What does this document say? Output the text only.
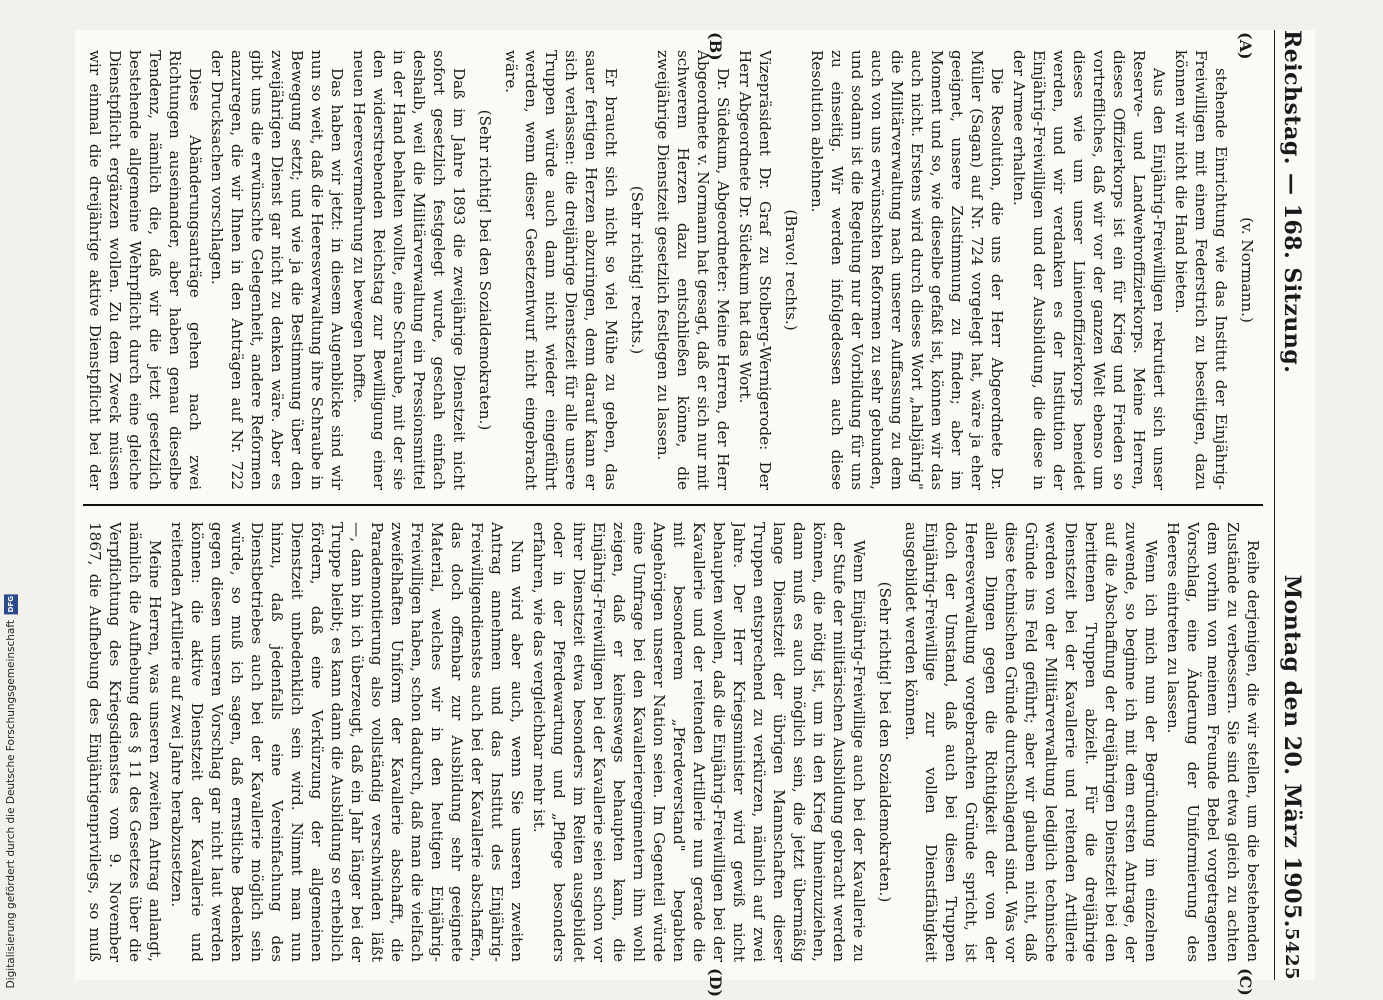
Reichstag. — 168. Sitzung.
Montag den 20. März 1905.
5425
(A)
(B)
(C)
(D)

(v. Normann.)

stehende Einrichtung wie das Institut der Einjährig-Freiwilligen mit einem Federstrich zu beseitigen, dazu können wir nicht die Hand bieten.

Aus den Einjährig-Freiwilligen rekrutiert sich unser Reserve- und Landwehroffizierkorps. Meine Herren, dieses Offizierkorps ist ein für Krieg und Frieden so vortreffliches, daß wir vor der ganzen Welt ebenso um dieses wie um unser Linienoffizierkorps beneidet werden, und wir verdanken es der Institution der Einjährig-Freiwilligen und der Ausbildung, die diese in der Armee erhalten.

Die Resolution, die uns der Herr Abgeordnete Dr. Müller (Sagan) auf Nr. 724 vorgelegt hat, wäre ja eher geeignet, unsere Zustimmung zu finden; aber im Moment und so, wie dieselbe gefaßt ist, können wir das auch nicht. Erstens wird durch dieses Wort „halbjährig" die Militärverwaltung nach unserer Auffassung zu dem auch von uns erwünschten Reformen zu sehr gebunden, und sodann ist die Regelung nur der Vorbildung für uns zu einseitig. Wir werden infolgedessen auch diese Resolution ablehnen.

(Bravo! rechts.)

Vizepräsident Dr. Graf zu Stolberg-Wernigerode: Der Herr Abgeordnete Dr. Südekum hat das Wort.

Dr. Südekum, Abgeordneter: Meine Herren, der Herr Abgeordnete v. Normann hat gesagt, daß er sich nur mit schwerem Herzen dazu entschließen könne, die zweijährige Dienstzeit gesetzlich festlegen zu lassen.

(Sehr richtig! rechts.)

Er braucht sich nicht so viel Mühe zu geben, das sauer fertigen Herzen abzuringen, denn darauf kann er sich verlassen: die dreijährige Dienstzeit für alle unsere Truppen würde auch dann nicht wieder eingeführt werden, wenn dieser Gesetzentwurf nicht eingebracht wäre.

(Sehr richtig! bei den Sozialdemokraten.)

Daß im Jahre 1893 die zweijährige Dienstzeit nicht sofort gesetzlich festgelegt wurde, geschah einfach deshalb, weil die Militärverwaltung ein Pressionsmittel in der Hand behalten wollte, eine Schraube, mit der sie den widerstrebenden Reichstag zur Bewilligung einer neuen Heeresvermehrung zu bewegen hoffte.

Das haben wir jetzt: in diesem Augenblicke sind wir nun so weit, daß die Heeresverwaltung ihre Schraube in Bewegung setzt; und wie ja die Bestimmung über den zweijährigen Dienst gar nicht zu denken wäre. Aber es gibt uns die erwünschte Gelegenheit, andere Reformen anzuregen, die wir Ihnen in den Anträgen auf Nr. 722 der Drucksachen vorschlagen.

Diese Abänderungsanträge gehen nach zwei Richtungen auseinander, aber haben genau dieselbe Tendenz, nämlich die, daß wir die jetzt gesetzlich bestehende allgemeine Wehrpflicht durch eine gleiche Dienstpflicht ergänzen wollen. Zu dem Zweck müssen wir einmal die dreijährige aktive Dienstpflicht bei der

Reihe derjenigen, die wir stellen, um die bestehenden Zustände zu verbessern. Sie sind etwa gleich zu achten dem vorhin von meinem Freunde Bebel vorgetragenen Vorschlag, eine Änderung der Uniformierung des Heeres eintreten zu lassen.

Wenn ich mich nun der Begründung im einzelnen zuwende, so beginne ich mit dem ersten Antrage, der auf die Abschaffung der dreijährigen Dienstzeit bei den berittenen Truppen abzielt. Für die dreijährige Dienstzeit bei der Kavallerie und reitenden Artillerie werden von der Militärverwaltung lediglich technische Gründe ins Feld geführt; aber wir glauben nicht, daß diese technischen Gründe durchschlagend sind. Was vor allen Dingen gegen die Richtigkeit der von der Heeresverwaltung vorgebrachten Gründe spricht, ist doch der Umstand, daß auch bei diesen Truppen Einjährig-Freiwillige zur vollen Dienstfähigkeit ausgebildet werden können.

(Sehr richtig! bei den Sozialdemokraten.)

Wenn Einjährig-Freiwillige auch bei der Kavallerie zu der Stufe der militärischen Ausbildung gebracht werden können, die nötig ist, um in den Krieg hineinzuziehen, dann muß es auch möglich sein, die jetzt übermäßig lange Dienstzeit der übrigen Mannschaften dieser Truppen entsprechend zu verkürzen, nämlich auf zwei Jahre. Der Herr Kriegsminister wird gewiß nicht behaupten wollen, daß die Einjährig-Freiwilligen bei der Kavallerie und der reitenden Artillerie nun gerade die mit besonderem „Pferdeverstand" begabten Angehörigen unserer Nation seien. Im Gegenteil würde eine Umfrage bei den Kavallerieregimentern ihm wohl zeigen, daß er keineswegs behaupten kann, die Einjährig-Freiwilligen bei der Kavallerie seien schon vor ihrer Dienstzeit etwa besonders im Reiten ausgebildet oder in der Pferdewartung und „Pflege besonders erfahren, wie das vergleichbar mehr ist.

Nun wird aber auch, wenn Sie unseren zweiten Antrag annehmen und das Institut des Einjährig-Freiwilligendienstes auch bei der Kavallerie abschaffen, das doch offenbar zur Ausbildung sehr geeignete Material, welches wir in den heutigen Einjährig-Freiwilligen haben, schon dadurch, daß man die vielfach zweifelhaften Uniform der Kavallerie abschafft, die Parademontierung also vollständig verschwinden läßt —, dann bin ich überzeugt, daß ein Jahr länger bei der Truppe bleibt; es kann dann die Ausbildung so erheblich fördern, daß eine Verkürzung der allgemeinen Dienstzeit unbedenklich sein wird. Nimmt man nun hinzu, daß jedenfalls eine Vereinfachung des Dienstbetriebes auch bei der Kavallerie möglich sein würde, so muß ich sagen, daß ernstliche Bedenken gegen diesen unseren Vorschlag gar nicht laut werden können: die aktive Dienstzeit der Kavallerie und reitenden Artillerie auf zwei Jahre herabzusetzen.

Meine Herren, was unseren zweiten Antrag anlangt, nämlich die Aufhebung des § 11 des Gesetzes über die Verpflichtung des Kriegsdienstes vom 9. November 1867, die Aufhebung des Einjährigenprivilegs, so muß

Digitalisierung gefördert durch die Deutsche Forschungsgemeinschaft
DFG
